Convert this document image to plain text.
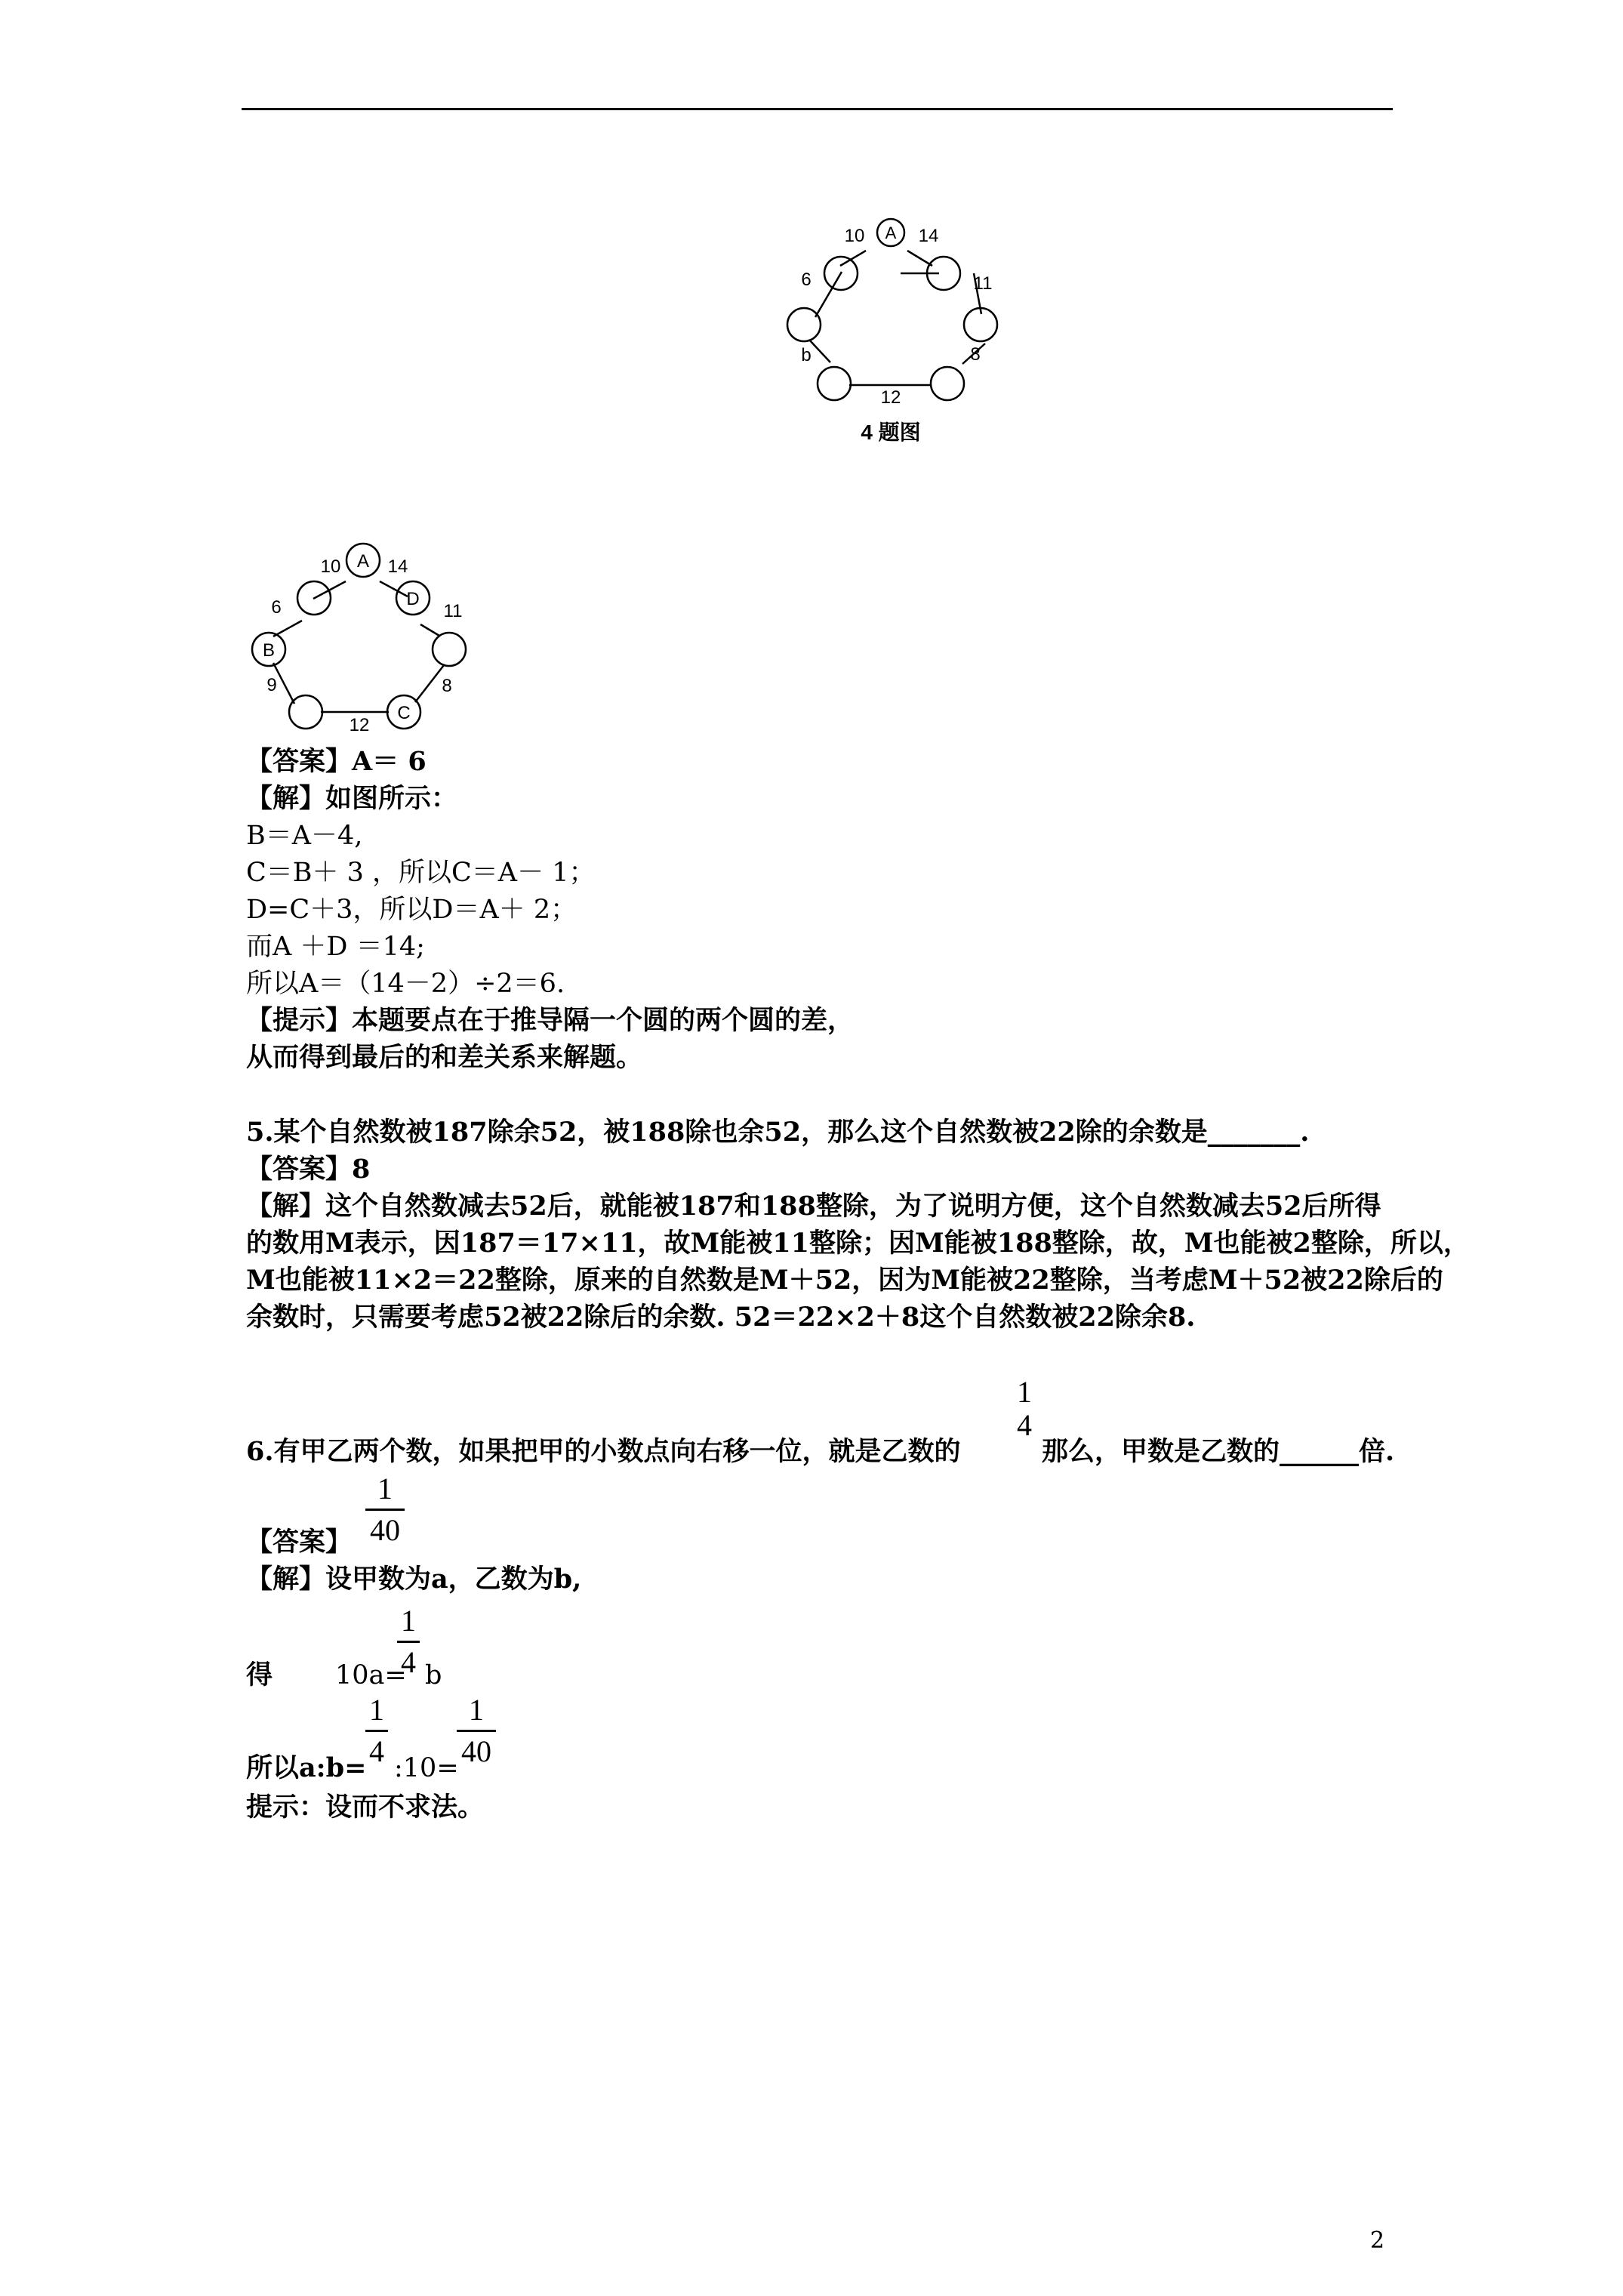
A
10	14
6	11
b	8
12
4 题图
A
D
B
C
10	14
6	11
9	8
12
【答案】A＝ 6
【解】如图所示：
B＝A－4,
C＝B＋ 3 ，所以C＝A－ 1；
D=C＋3，所以D＝A＋ 2；
而A ＋D ＝14;
所以A＝（14－2）÷2＝6.
【提示】本题要点在于推导隔一个圆的两个圆的差，
从而得到最后的和差关系来解题。
5.某个自然数被187除余52，被188除也余52，那么这个自然数被22除的余数是_______.
【答案】8
【解】这个自然数减去52后，就能被187和188整除，为了说明方便，这个自然数减去52后所得
的数用M表示，因187＝17×11，故M能被11整除；因M能被188整除，故，M也能被2整除，所以，
M也能被11×2＝22整除，原来的自然数是M＋52，因为M能被22整除，当考虑M＋52被22除后的
余数时，只需要考虑52被22除后的余数. 52＝22×2＋8这个自然数被22除余8.
6.有甲乙两个数，如果把甲的小数点向右移一位，就是乙数的
1
4
那么，甲数是乙数的______倍.
1
40
【答案】
【解】设甲数为a，乙数为b,
得 10a=
1
4 b
所以a:b=
1
4 :10=
1
40
提示：设而不求法。
2
